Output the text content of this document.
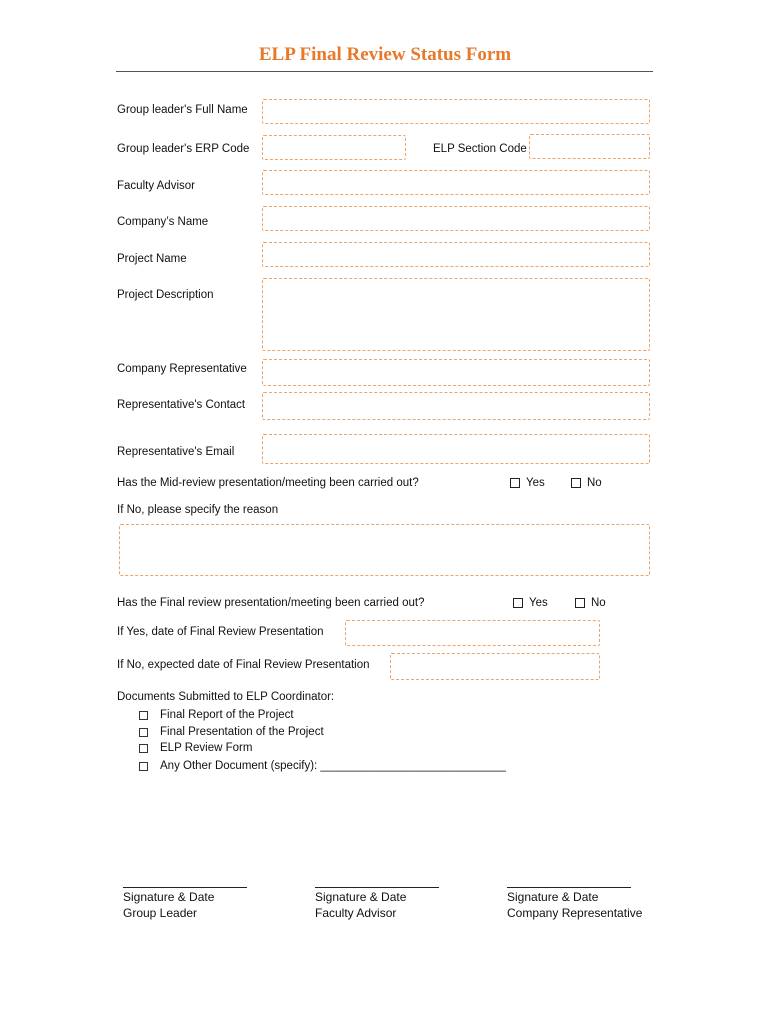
ELP Final Review Status Form
Group leader's Full Name
Group leader's ERP Code	ELP Section Code
Faculty Advisor
Company’s Name
Project Name
Project Description
Company Representative
Representative's Contact
Representative's Email
Has the Mid-review presentation/meeting been carried out?	Yes	No
If No, please specify the reason
Has the Final review presentation/meeting been carried out?	Yes	No
If Yes, date of Final Review Presentation
If No, expected date of Final Review Presentation
Documents Submitted to ELP Coordinator:
Final Report of the Project
Final Presentation of the Project
ELP Review Form
Any Other Document (specify): _____________________________
Signature & Date
Group Leader
Signature & Date
Faculty Advisor
Signature & Date
Company Representative
